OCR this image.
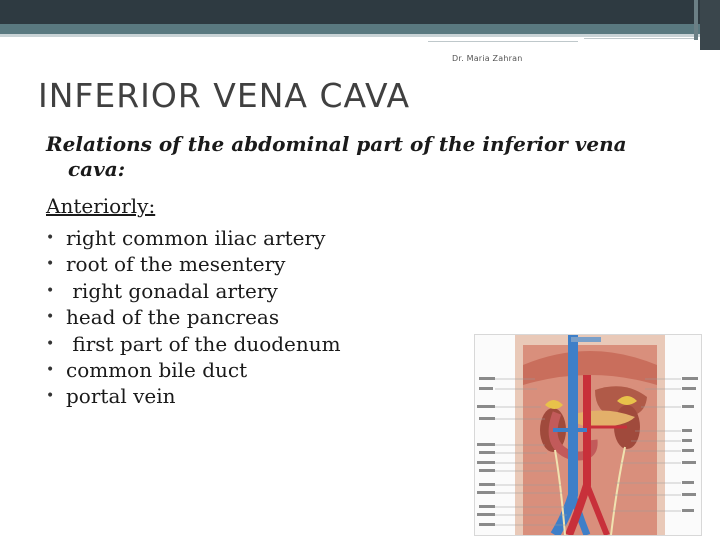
Dr. Maria Zahran
INFERIOR VENA CAVA
Relations of the abdominal part of the inferior vena cava:
Anteriorly:
• right common iliac artery
• root of the mesentery
• right gonadal artery
• head of the pancreas
• first part of the duodenum
• common bile duct
• portal vein
